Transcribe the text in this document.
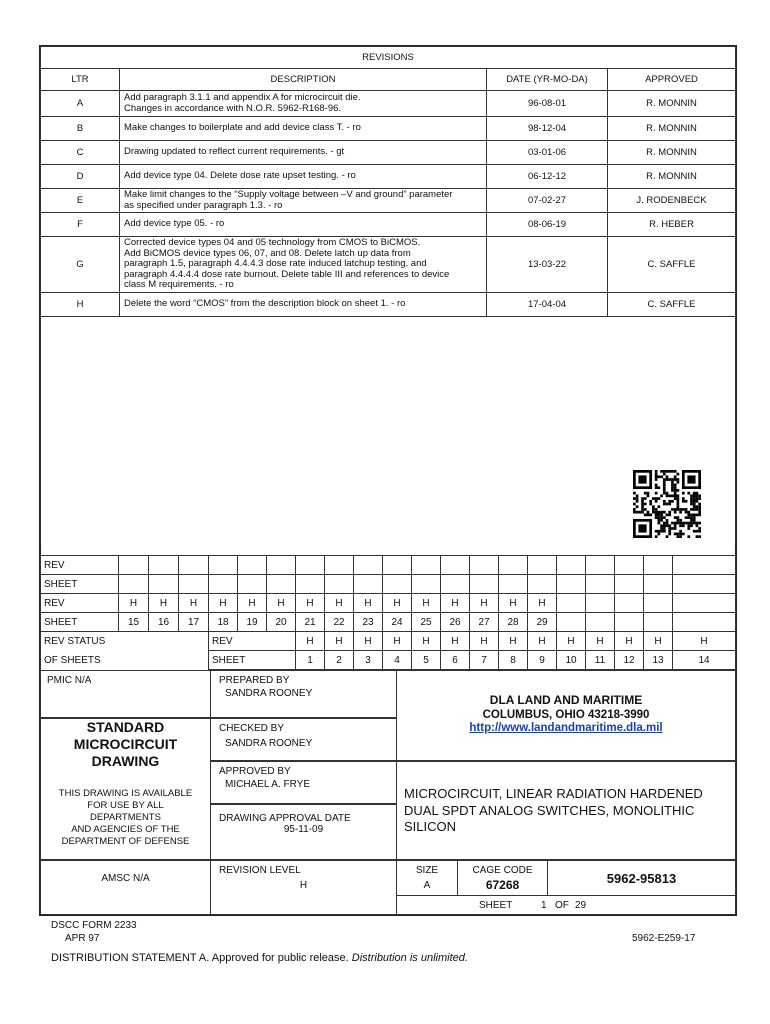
REVISIONS			
LTR	DESCRIPTION	DATE (YR-MO-DA)	APPROVED
A	Add paragraph 3.1.1 and appendix A for microcircuit die.
Changes in accordance with N.O.R. 5962-R168-96.	96-08-01	R. MONNIN
B	Make changes to boilerplate and add device class T. - ro	98-12-04	R. MONNIN
C	Drawing updated to reflect current requirements. - gt	03-01-06	R. MONNIN
D	Add device type 04. Delete dose rate upset testing. - ro	06-12-12	R. MONNIN
E	Make limit changes to the “Supply voltage between –V and ground” parameter
as specified under paragraph 1.3. - ro	07-02-27	J. RODENBECK
F	Add device type 05. - ro	08-06-19	R. HEBER
G	Corrected device types 04 and 05 technology from CMOS to BiCMOS.
Add BiCMOS device types 06, 07, and 08. Delete latch up data from
paragraph 1.5, paragraph 4.4.4.3 dose rate induced latchup testing, and
paragraph 4.4.4.4 dose rate burnout. Delete table III and references to device
class M requirements. - ro	13-03-22	C. SAFFLE
H	Delete the word “CMOS” from the description block on sheet 1. - ro	17-04-04	C. SAFFLE

REV																				
SHEET																				
REV	H	H	H	H	H	H	H	H	H	H	H	H	H	H	H					
SHEET	15	16	17	18	19	20	21	22	23	24	25	26	27	28	29					
REV STATUS				REV			H	H	H	H	H	H	H	H	H	H	H	H	H	H
OF SHEETS				SHEET			1	2	3	4	5	6	7	8	9	10	11	12	13	14
PMIC N/A
STANDARD
MICROCIRCUIT
DRAWING
THIS DRAWING IS AVAILABLE
FOR USE BY ALL
DEPARTMENTS
AND AGENCIES OF THE
DEPARTMENT OF DEFENSE
AMSC N/A
PREPARED BY
SANDRA ROONEY
CHECKED BY
SANDRA ROONEY
APPROVED BY
MICHAEL A. FRYE
DRAWING APPROVAL DATE
95-11-09
REVISION LEVEL
H
DLA LAND AND MARITIME
COLUMBUS, OHIO 43218-3990
http://www.landandmaritime.dla.mil
MICROCIRCUIT, LINEAR RADIATION HARDENED
DUAL SPDT ANALOG SWITCHES, MONOLITHIC
SILICON
SIZE
A
CAGE CODE
67268	5962-95813
SHEET	1 OF 29
DSCC FORM 2233
APR 97	5962-E259-17
DISTRIBUTION STATEMENT A. Approved for public release. Distribution is unlimited.
